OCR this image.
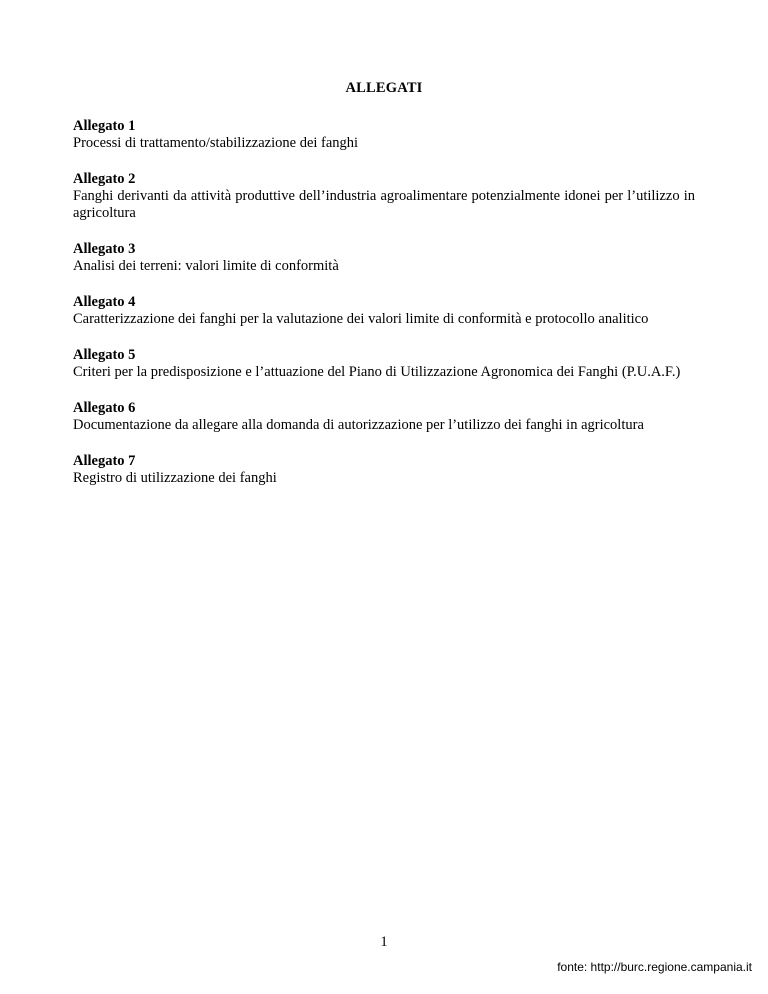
ALLEGATI
Allegato 1
Processi di trattamento/stabilizzazione dei fanghi
Allegato 2
Fanghi derivanti da attività produttive dell’industria agroalimentare potenzialmente idonei per l’utilizzo in agricoltura
Allegato 3
Analisi dei terreni: valori limite di conformità
Allegato 4
Caratterizzazione dei fanghi per la valutazione dei valori limite di conformità e protocollo analitico
Allegato 5
Criteri per la predisposizione e l’attuazione del Piano di Utilizzazione Agronomica dei Fanghi (P.U.A.F.)
Allegato 6
Documentazione da allegare alla domanda di autorizzazione per l’utilizzo dei fanghi in agricoltura
Allegato 7
Registro di utilizzazione dei fanghi
1
fonte: http://burc.regione.campania.it
